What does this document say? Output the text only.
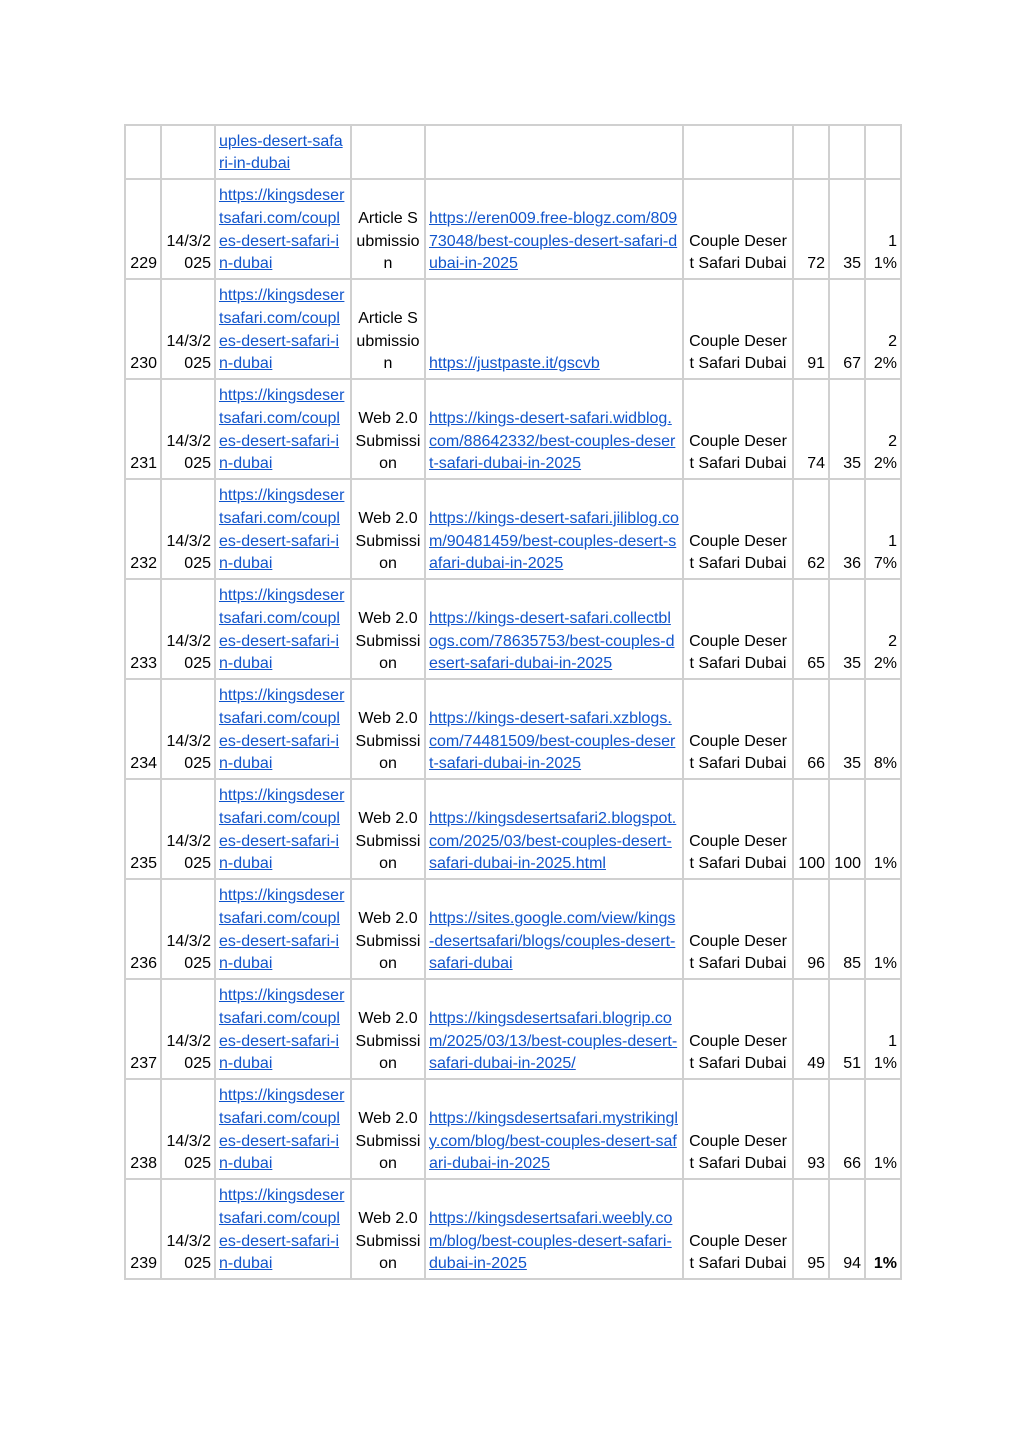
		uples-desert-safari-in-dubai						
229	14/3/2025	https://kingsdesertsafari.com/couples-desert-safari-in-dubai	Article Submission	https://eren009.free-blogz.com/80973048/best-couples-desert-safari-dubai-in-2025	Couple Desert Safari Dubai	72	35	11%
230	14/3/2025	https://kingsdesertsafari.com/couples-desert-safari-in-dubai	Article Submission	https://justpaste.it/gscvb	Couple Desert Safari Dubai	91	67	22%
231	14/3/2025	https://kingsdesertsafari.com/couples-desert-safari-in-dubai	Web 2.0 Submission	https://kings-desert-safari.widblog.com/88642332/best-couples-desert-safari-dubai-in-2025	Couple Desert Safari Dubai	74	35	22%
232	14/3/2025	https://kingsdesertsafari.com/couples-desert-safari-in-dubai	Web 2.0 Submission	https://kings-desert-safari.jiliblog.com/90481459/best-couples-desert-safari-dubai-in-2025	Couple Desert Safari Dubai	62	36	17%
233	14/3/2025	https://kingsdesertsafari.com/couples-desert-safari-in-dubai	Web 2.0 Submission	https://kings-desert-safari.collectblogs.com/78635753/best-couples-desert-safari-dubai-in-2025	Couple Desert Safari Dubai	65	35	22%
234	14/3/2025	https://kingsdesertsafari.com/couples-desert-safari-in-dubai	Web 2.0 Submission	https://kings-desert-safari.xzblogs.com/74481509/best-couples-desert-safari-dubai-in-2025	Couple Desert Safari Dubai	66	35	8%
235	14/3/2025	https://kingsdesertsafari.com/couples-desert-safari-in-dubai	Web 2.0 Submission	https://kingsdesertsafari2.blogspot.com/2025/03/best-couples-desert-safari-dubai-in-2025.html	Couple Desert Safari Dubai	100	100	1%
236	14/3/2025	https://kingsdesertsafari.com/couples-desert-safari-in-dubai	Web 2.0 Submission	https://sites.google.com/view/kings-desertsafari/blogs/couples-desert-safari-dubai	Couple Desert Safari Dubai	96	85	1%
237	14/3/2025	https://kingsdesertsafari.com/couples-desert-safari-in-dubai	Web 2.0 Submission	https://kingsdesertsafari.blogrip.com/2025/03/13/best-couples-desert-safari-dubai-in-2025/	Couple Desert Safari Dubai	49	51	11%
238	14/3/2025	https://kingsdesertsafari.com/couples-desert-safari-in-dubai	Web 2.0 Submission	https://kingsdesertsafari.mystrikingly.com/blog/best-couples-desert-safari-dubai-in-2025	Couple Desert Safari Dubai	93	66	1%
239	14/3/2025	https://kingsdesertsafari.com/couples-desert-safari-in-dubai	Web 2.0 Submission	https://kingsdesertsafari.weebly.com/blog/best-couples-desert-safari-dubai-in-2025	Couple Desert Safari Dubai	95	94	1%
